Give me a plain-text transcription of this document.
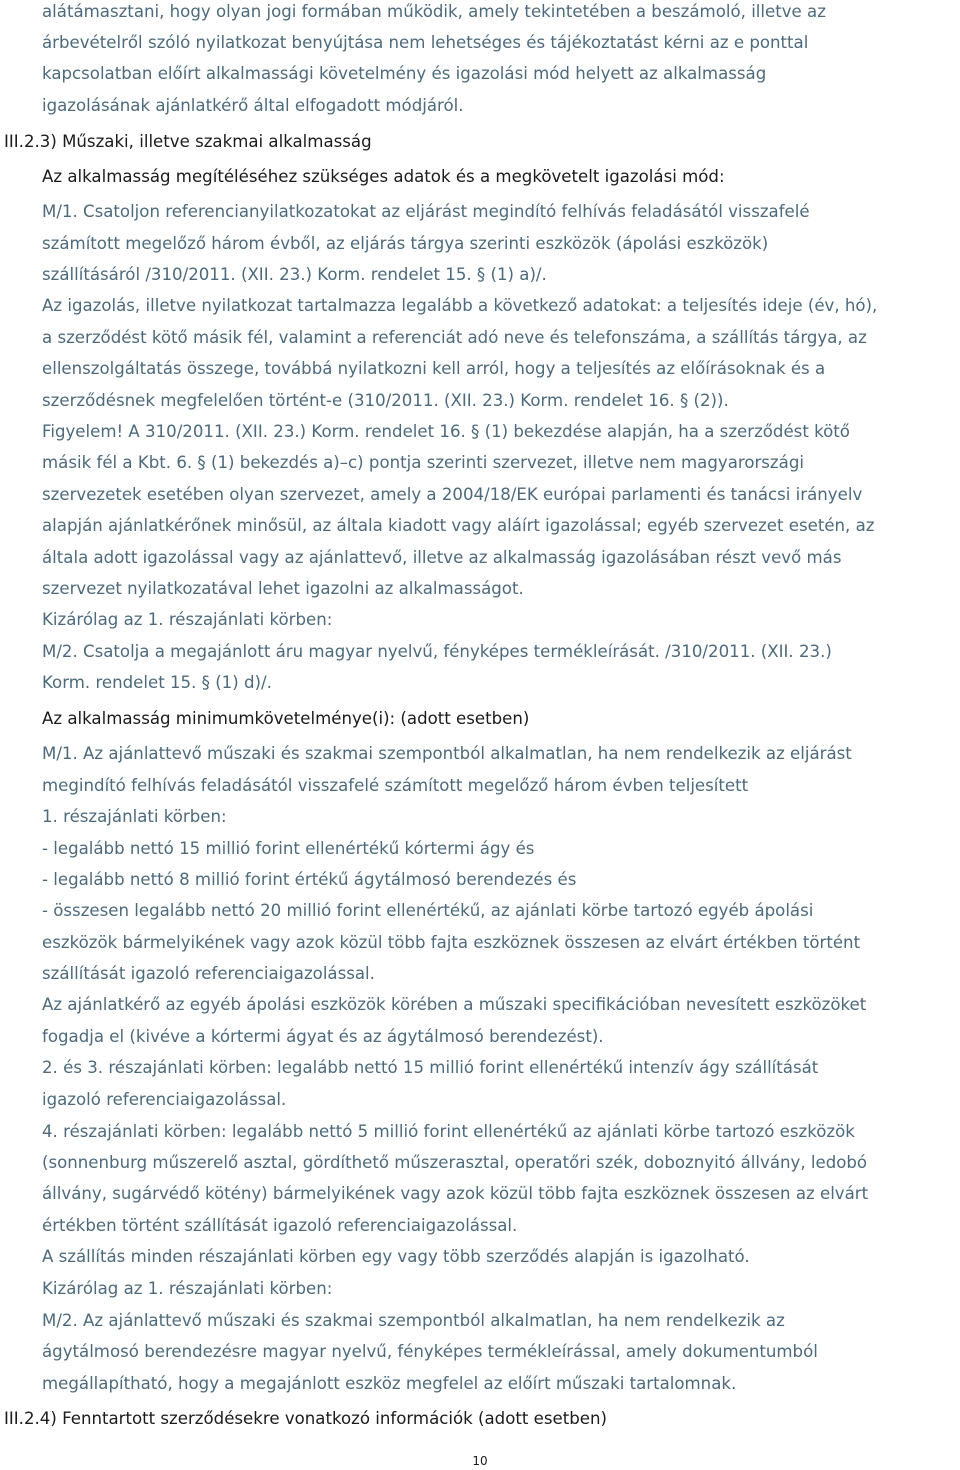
alátámasztani, hogy olyan jogi formában működik, amely tekintetében a beszámoló, illetve az
árbevételről szóló nyilatkozat benyújtása nem lehetséges és tájékoztatást kérni az e ponttal
kapcsolatban előírt alkalmassági követelmény és igazolási mód helyett az alkalmasság
igazolásának ajánlatkérő által elfogadott módjáról.
III.2.3) Műszaki, illetve szakmai alkalmasság
Az alkalmasság megítéléséhez szükséges adatok és a megkövetelt igazolási mód:
M/1. Csatoljon referencianyilatkozatokat az eljárást megindító felhívás feladásától visszafelé
számított megelőző három évből, az eljárás tárgya szerinti eszközök (ápolási eszközök)
szállításáról /310/2011. (XII. 23.) Korm. rendelet 15. § (1) a)/.
Az igazolás, illetve nyilatkozat tartalmazza legalább a következő adatokat: a teljesítés ideje (év, hó),
a szerződést kötő másik fél, valamint a referenciát adó neve és telefonszáma, a szállítás tárgya, az
ellenszolgáltatás összege, továbbá nyilatkozni kell arról, hogy a teljesítés az előírásoknak és a
szerződésnek megfelelően történt-e (310/2011. (XII. 23.) Korm. rendelet 16. § (2)).
Figyelem! A 310/2011. (XII. 23.) Korm. rendelet 16. § (1) bekezdése alapján, ha a szerződést kötő
másik fél a Kbt. 6. § (1) bekezdés a)–c) pontja szerinti szervezet, illetve nem magyarországi
szervezetek esetében olyan szervezet, amely a 2004/18/EK európai parlamenti és tanácsi irányelv
alapján ajánlatkérőnek minősül, az általa kiadott vagy aláírt igazolással; egyéb szervezet esetén, az
általa adott igazolással vagy az ajánlattevő, illetve az alkalmasság igazolásában részt vevő más
szervezet nyilatkozatával lehet igazolni az alkalmasságot.
Kizárólag az 1. részajánlati körben:
M/2. Csatolja a megajánlott áru magyar nyelvű, fényképes termékleírását. /310/2011. (XII. 23.)
Korm. rendelet 15. § (1) d)/.
Az alkalmasság minimumkövetelménye(i): (adott esetben)
M/1. Az ajánlattevő műszaki és szakmai szempontból alkalmatlan, ha nem rendelkezik az eljárást
megindító felhívás feladásától visszafelé számított megelőző három évben teljesített
1. részajánlati körben:
- legalább nettó 15 millió forint ellenértékű kórtermi ágy és
- legalább nettó 8 millió forint értékű ágytálmosó berendezés és
- összesen legalább nettó 20 millió forint ellenértékű, az ajánlati körbe tartozó egyéb ápolási
eszközök bármelyikének vagy azok közül több fajta eszköznek összesen az elvárt értékben történt
szállítását igazoló referenciaigazolással.
Az ajánlatkérő az egyéb ápolási eszközök körében a műszaki specifikációban nevesített eszközöket
fogadja el (kivéve a kórtermi ágyat és az ágytálmosó berendezést).
2. és 3. részajánlati körben: legalább nettó 15 millió forint ellenértékű intenzív ágy szállítását
igazoló referenciaigazolással.
4. részajánlati körben: legalább nettó 5 millió forint ellenértékű az ajánlati körbe tartozó eszközök
(sonnenburg műszerelő asztal, gördíthető műszerasztal, operatőri szék, doboznyitó állvány, ledobó
állvány, sugárvédő kötény) bármelyikének vagy azok közül több fajta eszköznek összesen az elvárt
értékben történt szállítását igazoló referenciaigazolással.
A szállítás minden részajánlati körben egy vagy több szerződés alapján is igazolható.
Kizárólag az 1. részajánlati körben:
M/2. Az ajánlattevő műszaki és szakmai szempontból alkalmatlan, ha nem rendelkezik az
ágytálmosó berendezésre magyar nyelvű, fényképes termékleírással, amely dokumentumból
megállapítható, hogy a megajánlott eszköz megfelel az előírt műszaki tartalomnak.
III.2.4) Fenntartott szerződésekre vonatkozó információk (adott esetben)
10
